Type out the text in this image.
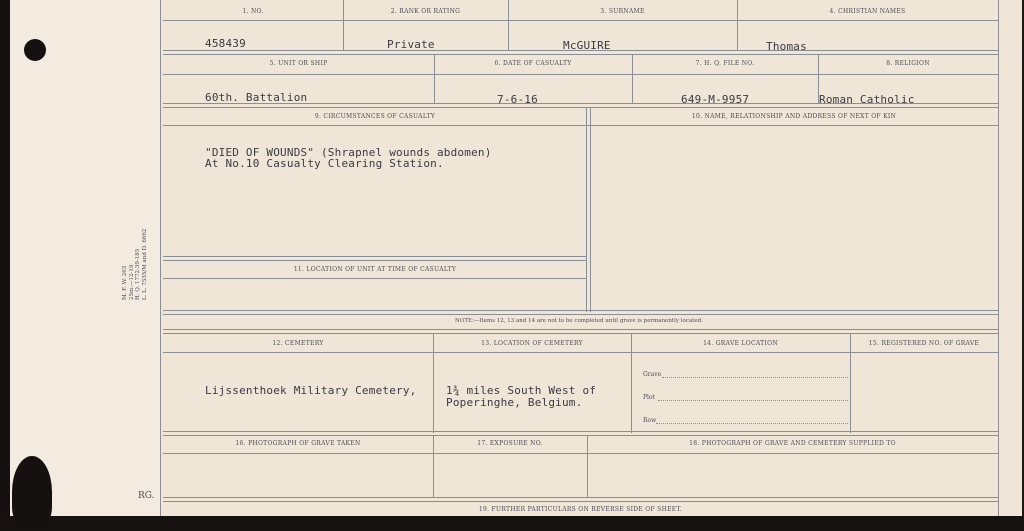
1. NO.	2. RANK OR RATING	3. SURNAME	4. CHRISTIAN NAMES
458439	Private	McGUIRE	Thomas
5. UNIT OR SHIP	6. DATE OF CASUALTY	7. H. Q. FILE NO.	8. RELIGION
60th. Battalion	7-6-16	649-M-9957	Roman Catholic
9. CIRCUMSTANCES OF CASUALTY	10. NAME, RELATIONSHIP AND ADDRESS OF NEXT OF KIN
"DIED OF WOUNDS" (Shrapnel wounds abdomen)
At No.10 Casualty Clearing Station.
11. LOCATION OF UNIT AT TIME OF CASUALTY
NOTE:—Items 12, 13 and 14 are not to be completed until grave is permanently located.
12. CEMETERY	13. LOCATION OF CEMETERY	14. GRAVE LOCATION	15. REGISTERED NO. OF GRAVE
Lijssenthoek Military Cemetery,	1¾ miles South West of
Poperinghe, Belgium.
Grave
Plot
Row
16. PHOTOGRAPH OF GRAVE TAKEN	17. EXPOSURE NO.	18. PHOTOGRAPH OF GRAVE AND CEMETERY SUPPLIED TO
19. FURTHER PARTICULARS ON REVERSE SIDE OF SHEET.
M. F. W. 263 25m.—12-19 H. Q. 1772-39-185 L. L. 7535/M and D. 6662
RG.
